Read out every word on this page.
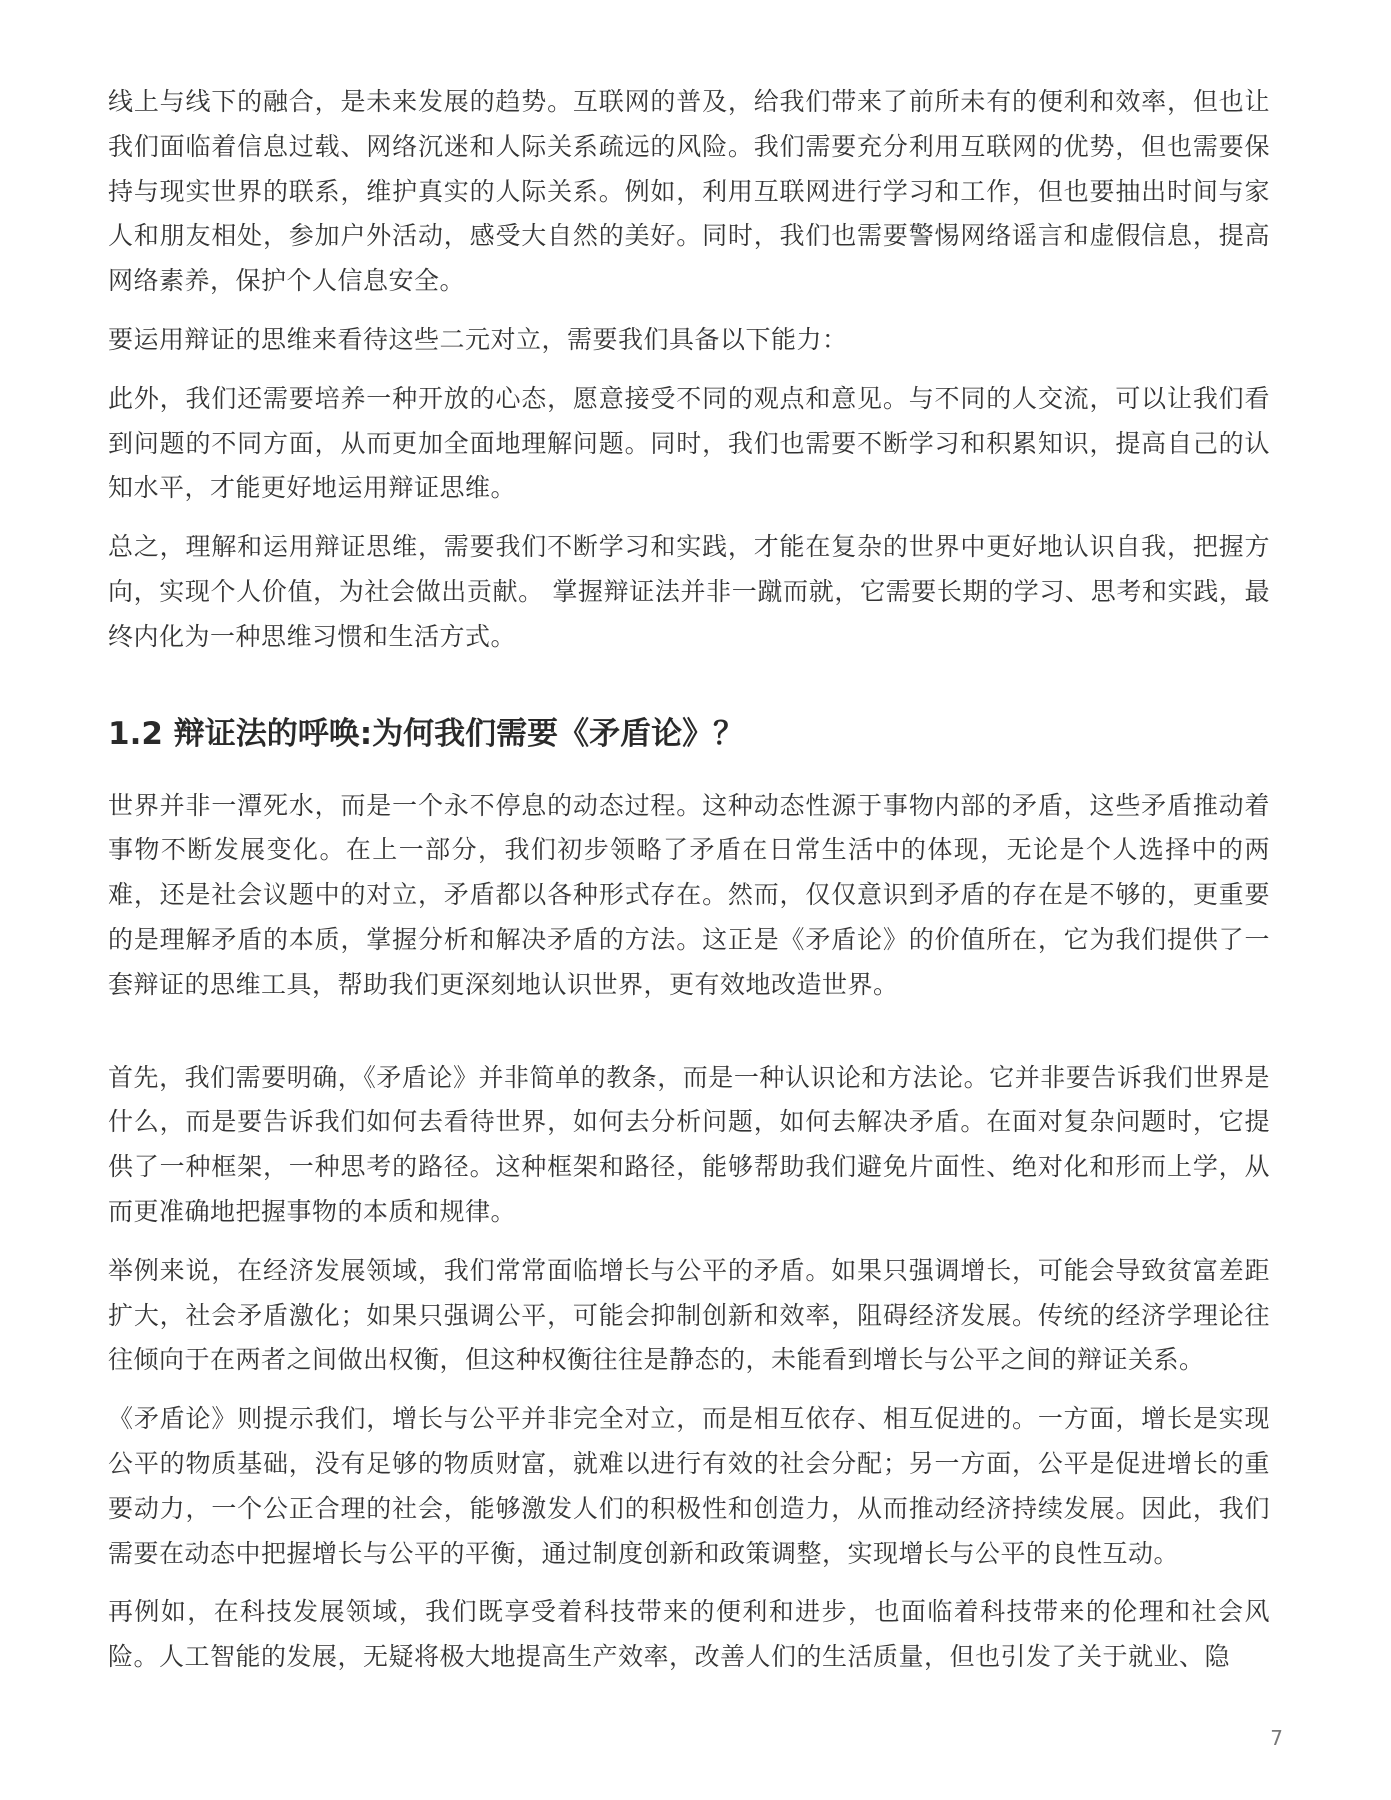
线上与线下的融合，是未来发展的趋势。互联网的普及，给我们带来了前所未有的便利和效率，但也让我们面临着信息过载、网络沉迷和人际关系疏远的风险。我们需要充分利用互联网的优势，但也需要保持与现实世界的联系，维护真实的人际关系。例如，利用互联网进行学习和工作，但也要抽出时间与家人和朋友相处，参加户外活动，感受大自然的美好。同时，我们也需要警惕网络谣言和虚假信息，提高网络素养，保护个人信息安全。

要运用辩证的思维来看待这些二元对立，需要我们具备以下能力：

此外，我们还需要培养一种开放的心态，愿意接受不同的观点和意见。与不同的人交流，可以让我们看到问题的不同方面，从而更加全面地理解问题。同时，我们也需要不断学习和积累知识，提高自己的认知水平，才能更好地运用辩证思维。

总之，理解和运用辩证思维，需要我们不断学习和实践，才能在复杂的世界中更好地认识自我，把握方向，实现个人价值，为社会做出贡献。 掌握辩证法并非一蹴而就，它需要长期的学习、思考和实践，最终内化为一种思维习惯和生活方式。

1.2 辩证法的呼唤:为何我们需要《矛盾论》？

世界并非一潭死水，而是一个永不停息的动态过程。这种动态性源于事物内部的矛盾，这些矛盾推动着事物不断发展变化。在上一部分，我们初步领略了矛盾在日常生活中的体现，无论是个人选择中的两难，还是社会议题中的对立，矛盾都以各种形式存在。然而，仅仅意识到矛盾的存在是不够的，更重要的是理解矛盾的本质，掌握分析和解决矛盾的方法。这正是《矛盾论》的价值所在，它为我们提供了一套辩证的思维工具，帮助我们更深刻地认识世界，更有效地改造世界。

首先，我们需要明确，《矛盾论》并非简单的教条，而是一种认识论和方法论。它并非要告诉我们世界是什么，而是要告诉我们如何去看待世界，如何去分析问题，如何去解决矛盾。在面对复杂问题时，它提供了一种框架，一种思考的路径。这种框架和路径，能够帮助我们避免片面性、绝对化和形而上学，从而更准确地把握事物的本质和规律。

举例来说，在经济发展领域，我们常常面临增长与公平的矛盾。如果只强调增长，可能会导致贫富差距扩大，社会矛盾激化；如果只强调公平，可能会抑制创新和效率，阻碍经济发展。传统的经济学理论往往倾向于在两者之间做出权衡，但这种权衡往往是静态的，未能看到增长与公平之间的辩证关系。

《矛盾论》则提示我们，增长与公平并非完全对立，而是相互依存、相互促进的。一方面，增长是实现公平的物质基础，没有足够的物质财富，就难以进行有效的社会分配；另一方面，公平是促进增长的重要动力，一个公正合理的社会，能够激发人们的积极性和创造力，从而推动经济持续发展。因此，我们需要在动态中把握增长与公平的平衡，通过制度创新和政策调整，实现增长与公平的良性互动。

再例如，在科技发展领域，我们既享受着科技带来的便利和进步，也面临着科技带来的伦理和社会风险。人工智能的发展，无疑将极大地提高生产效率，改善人们的生活质量，但也引发了关于就业、隐

7
